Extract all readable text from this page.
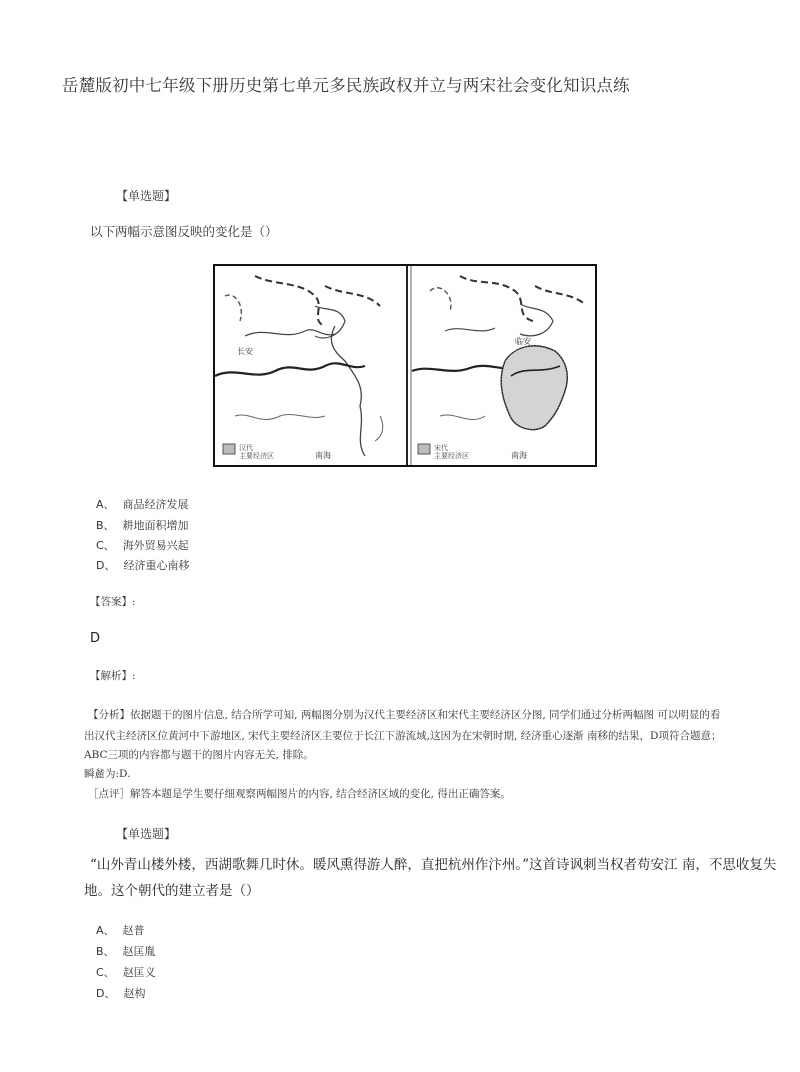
岳麓版初中七年级下册历史第七单元多民族政权并立与两宋社会变化知识点练
【单选题】
以下两幅示意图反映的变化是（）
汉代
主要经济区
长安
南海
宋代
主要经济区
临安
南海
A、 商品经济发展
B、 耕地面积增加
C、 海外贸易兴起
D、 经济重心南移
【答案】:
D
【解析】:
【分析】依据题干的图片信息, 结合所学可知, 两幅图分别为汉代主要经济区和宋代主要经济区分图, 同学们通过分析两幅图 可以明显的看
出汉代主经济区位黄河中下游地区, 宋代主要经济区主要位于长江下游流域,这因为在宋朝时期, 经济重心逐渐 南移的结果，D项符合题意；
ABC三项的内容都与题干的图片内容无关, 排除。
瞬麄为:D.
［点评］解答本题是学生要仔细观察两幅图片的内容, 结合经济区域的变化, 得出正确答案。
【单选题】
“山外青山楼外楼，西湖歌舞几时休。暖风熏得游人醉，直把杭州作汴州。”这首诗讽刺当权者苟安江 南，不思收复失
地。这个朝代的建立者是（）
A、 赵普
B、 赵匡胤
C、 赵匡义
D、 赵构
